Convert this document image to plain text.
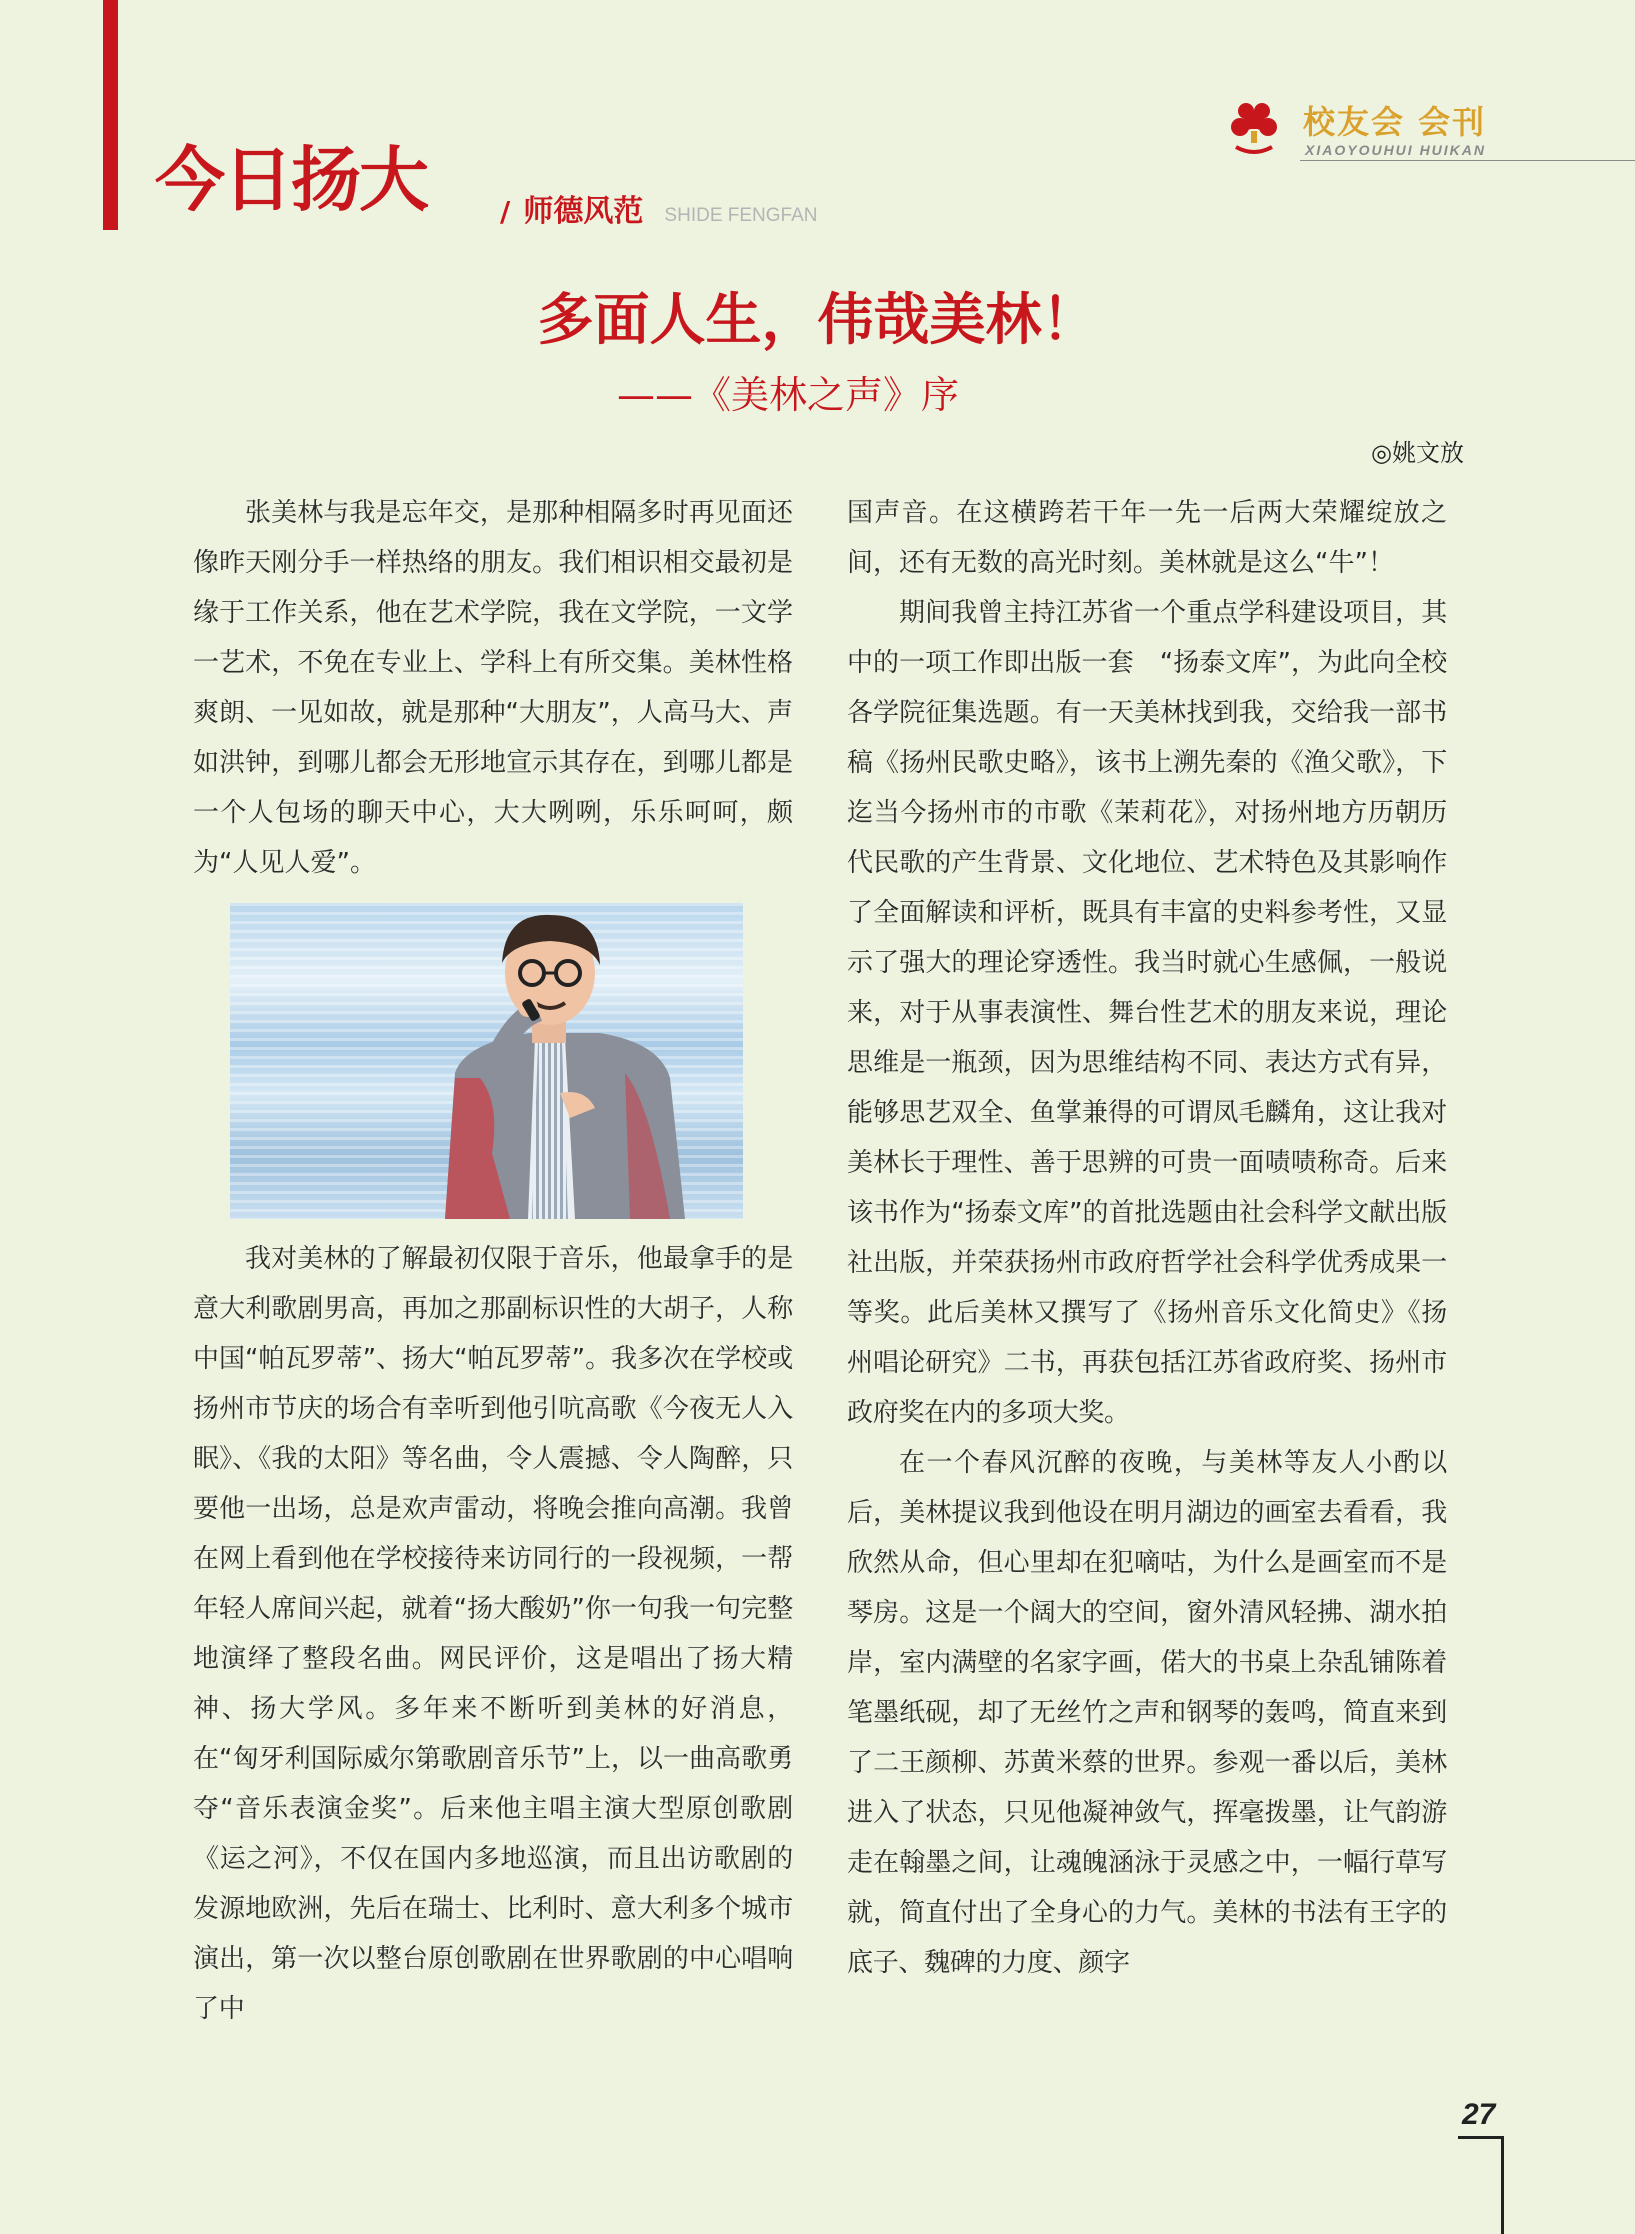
今日扬大	/ 师德风范 SHIDE FENGFAN
校友会 会刊
XIAOYOUHUI HUIKAN
多面人生，伟哉美林！
——《美林之声》序
◎姚文放

张美林与我是忘年交，是那种相隔多时再见面还像昨天刚分手一样热络的朋友。我们相识相交最初是缘于工作关系，他在艺术学院，我在文学院，一文学一艺术，不免在专业上、学科上有所交集。美林性格爽朗、一见如故，就是那种“大朋友”，人高马大、声如洪钟，到哪儿都会无形地宣示其存在，到哪儿都是一个人包场的聊天中心，大大咧咧，乐乐呵呵，颇为“人见人爱”。

我对美林的了解最初仅限于音乐，他最拿手的是意大利歌剧男高，再加之那副标识性的大胡子，人称中国“帕瓦罗蒂”、扬大“帕瓦罗蒂”。我多次在学校或扬州市节庆的场合有幸听到他引吭高歌《今夜无人入眠》、《我的太阳》等名曲，令人震撼、令人陶醉，只要他一出场，总是欢声雷动，将晚会推向高潮。我曾在网上看到他在学校接待来访同行的一段视频，一帮年轻人席间兴起，就着“扬大酸奶”你一句我一句完整地演绎了整段名曲。网民评价，这是唱出了扬大精神、扬大学风。多年来不断听到美林的好消息，在“匈牙利国际威尔第歌剧音乐节”上，以一曲高歌勇夺“音乐表演金奖”。后来他主唱主演大型原创歌剧《运之河》，不仅在国内多地巡演，而且出访歌剧的发源地欧洲，先后在瑞士、比利时、意大利多个城市演出，第一次以整台原创歌剧在世界歌剧的中心唱响了中

国声音。在这横跨若干年一先一后两大荣耀绽放之间，还有无数的高光时刻。美林就是这么“牛”！

期间我曾主持江苏省一个重点学科建设项目，其中的一项工作即出版一套　“扬泰文库”，为此向全校各学院征集选题。有一天美林找到我，交给我一部书稿《扬州民歌史略》，该书上溯先秦的《渔父歌》，下迄当今扬州市的市歌《茉莉花》，对扬州地方历朝历代民歌的产生背景、文化地位、艺术特色及其影响作了全面解读和评析，既具有丰富的史料参考性，又显示了强大的理论穿透性。我当时就心生感佩，一般说来，对于从事表演性、舞台性艺术的朋友来说，理论思维是一瓶颈，因为思维结构不同、表达方式有异，能够思艺双全、鱼掌兼得的可谓凤毛麟角，这让我对美林长于理性、善于思辨的可贵一面啧啧称奇。后来该书作为“扬泰文库”的首批选题由社会科学文献出版社出版，并荣获扬州市政府哲学社会科学优秀成果一等奖。此后美林又撰写了《扬州音乐文化简史》《扬州唱论研究》二书，再获包括江苏省政府奖、扬州市政府奖在内的多项大奖。

在一个春风沉醉的夜晚，与美林等友人小酌以后，美林提议我到他设在明月湖边的画室去看看，我欣然从命，但心里却在犯嘀咕，为什么是画室而不是琴房。这是一个阔大的空间，窗外清风轻拂、湖水拍岸，室内满壁的名家字画，偌大的书桌上杂乱铺陈着笔墨纸砚，却了无丝竹之声和钢琴的轰鸣，简直来到了二王颜柳、苏黄米蔡的世界。参观一番以后，美林进入了状态，只见他凝神敛气，挥毫拨墨，让气韵游走在翰墨之间，让魂魄涵泳于灵感之中，一幅行草写就，简直付出了全身心的力气。美林的书法有王字的底子、魏碑的力度、颜字

27
